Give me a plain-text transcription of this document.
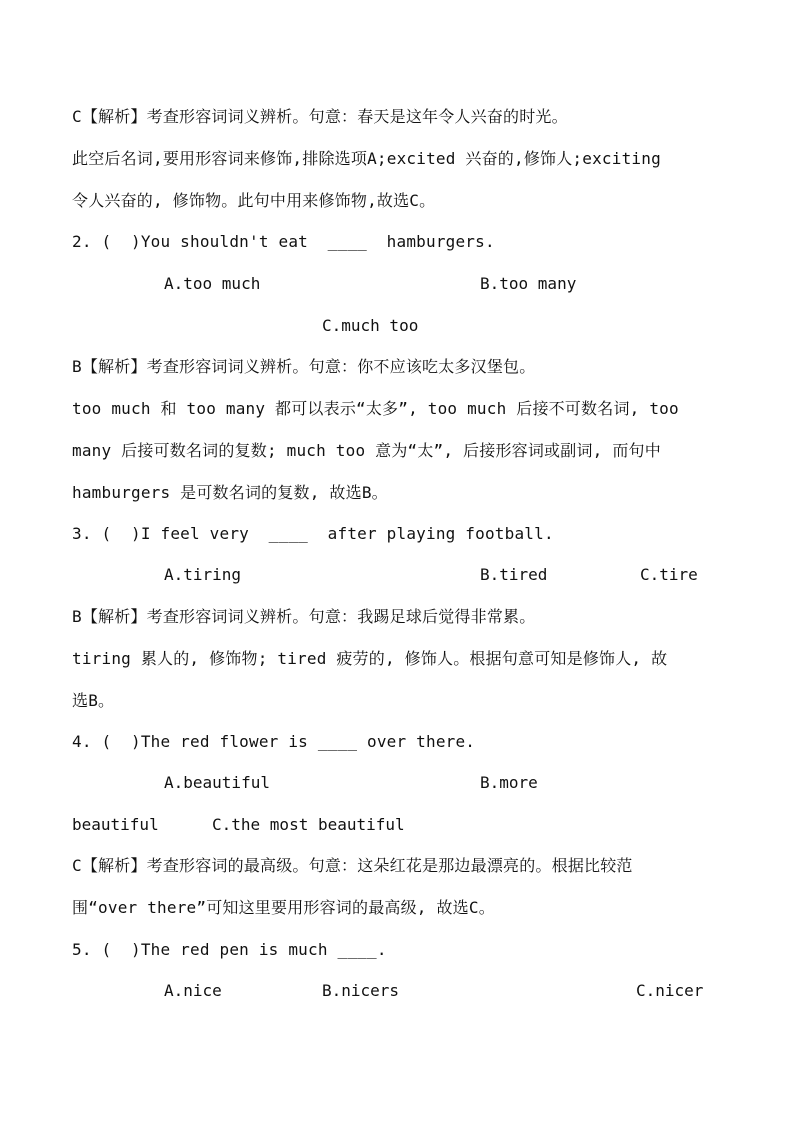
C【解析】考查形容词词义辨析。句意：春天是这年令人兴奋的时光。
此空后名词,要用形容词来修饰,排除选项A;excited 兴奋的,修饰人;exciting
令人兴奋的, 修饰物。此句中用来修饰物,故选C。
2. (  )You shouldn't eat  ____  hamburgers.
A.too much	B.too many
C.much too
B【解析】考查形容词词义辨析。句意：你不应该吃太多汉堡包。
too much 和 too many 都可以表示“太多”, too much 后接不可数名词, too
many 后接可数名词的复数; much too 意为“太”, 后接形容词或副词, 而句中
hamburgers 是可数名词的复数, 故选B。
3. (  )I feel very  ____  after playing football.
A.tiring	B.tired	C.tire
B【解析】考查形容词词义辨析。句意：我踢足球后觉得非常累。
tiring 累人的, 修饰物; tired 疲劳的, 修饰人。根据句意可知是修饰人, 故
选B。
4. (  )The red flower is ____ over there.
A.beautiful	B.more
beautiful	C.the most beautiful
C【解析】考查形容词的最高级。句意：这朵红花是那边最漂亮的。根据比较范
围“over there”可知这里要用形容词的最高级, 故选C。
5. (  )The red pen is much ____.
A.nice	B.nicers	C.nicer
